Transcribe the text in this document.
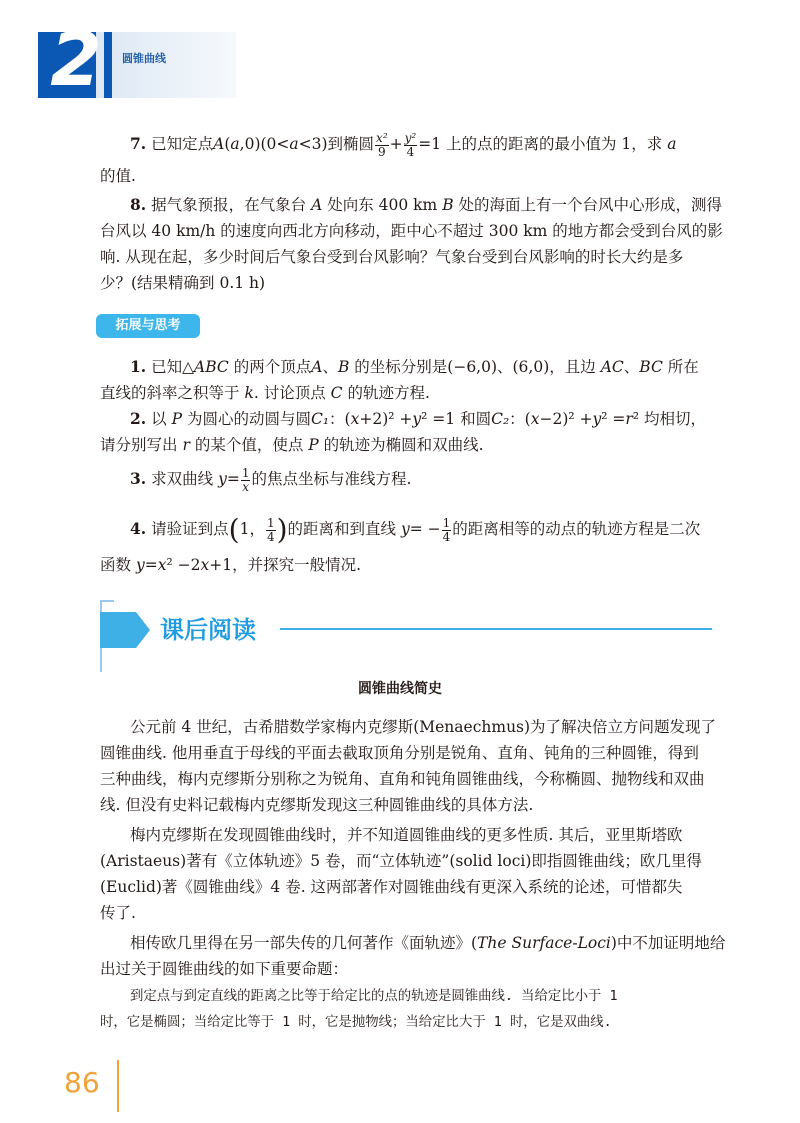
2	圆锥曲线
7. 已知定点A(a,0)(0<a<3)到椭圆 $\frac{\text{x²}}{9} + \frac{\text{y²}}{4} =1$ 上的点的距离的最小值为 1，求 a
的值.
8. 据气象预报，在气象台 A 处向东 400 km B 处的海面上有一个台风中心形成，测得
台风以 40 km/h 的速度向西北方向移动，距中心不超过 300 km 的地方都会受到台风的影
响. 从现在起，多少时间后气象台受到台风影响？气象台受到台风影响的时长大约是多
少？(结果精确到 0.1 h)
拓展与思考
1. 已知△ABC 的两个顶点A、B 的坐标分别是(−6,0)、(6,0)，且边 AC、BC 所在
直线的斜率之积等于 k. 讨论顶点 C 的轨迹方程.
2. 以 P 为圆心的动圆与圆C₁：(x+2)² +y² =1 和圆C₂：(x−2)² +y² =r² 均相切，
请分别写出 r 的某个值，使点 P 的轨迹为椭圆和双曲线.
3. 求双曲线 $y= \frac{1}{x}$ 的焦点坐标与准线方程.
4. 请验证到点(1， $\frac{1}{4}$ )的距离和到直线 $y= - \frac{1}{4}$ 的距离相等的动点的轨迹方程是二次
函数 y=x² −2x+1，并探究一般情况.
课后阅读
圆锥曲线简史
公元前 4 世纪，古希腊数学家梅内克缪斯(Menaechmus)为了解决倍立方问题发现了
圆锥曲线. 他用垂直于母线的平面去截取顶角分别是锐角、直角、钝角的三种圆锥，得到
三种曲线，梅内克缪斯分别称之为锐角、直角和钝角圆锥曲线，今称椭圆、抛物线和双曲
线. 但没有史料记载梅内克缪斯发现这三种圆锥曲线的具体方法.
梅内克缪斯在发现圆锥曲线时，并不知道圆锥曲线的更多性质. 其后，亚里斯塔欧
(Aristaeus)著有《立体轨迹》5 卷，而“立体轨迹”(solid loci)即指圆锥曲线；欧几里得
(Euclid)著《圆锥曲线》4 卷. 这两部著作对圆锥曲线有更深入系统的论述，可惜都失
传了.
相传欧几里得在另一部失传的几何著作《面轨迹》(The Surface-Loci)中不加证明地给
出过关于圆锥曲线的如下重要命题：
到定点与到定直线的距离之比等于给定比的点的轨迹是圆锥曲线. 当给定比小于 1
时，它是椭圆；当给定比等于 1 时，它是抛物线；当给定比大于 1 时，它是双曲线.
86
